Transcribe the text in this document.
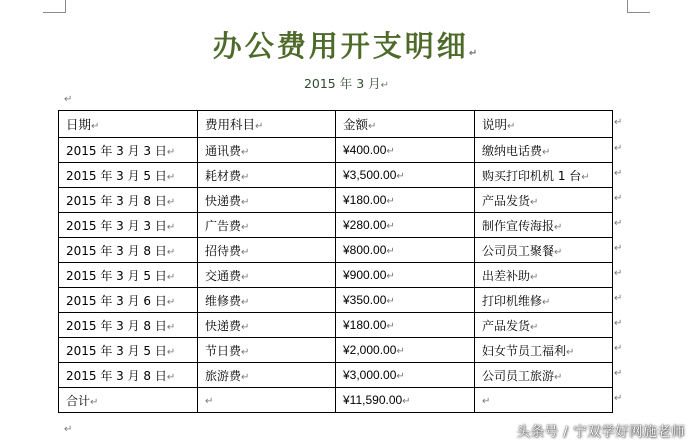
办公费用开支明细↵
2015 年 3 月↵
↵
日期↵	费用科目↵	金额↵	说明↵
2015 年 3 月 3 日↵	通讯费↵	¥400.00↵	缴纳电话费↵
2015 年 3 月 5 日↵	耗材费↵	¥3,500.00↵	购买打印机机 1 台↵
2015 年 3 月 8 日↵	快递费↵	¥180.00↵	产品发货↵
2015 年 3 月 3 日↵	广告费↵	¥280.00↵	制作宣传海报↵
2015 年 3 月 8 日↵	招待费↵	¥800.00↵	公司员工聚餐↵
2015 年 3 月 5 日↵	交通费↵	¥900.00↵	出差补助↵
2015 年 3 月 6 日↵	维修费↵	¥350.00↵	打印机维修↵
2015 年 3 月 8 日↵	快递费↵	¥180.00↵	产品发货↵
2015 年 3 月 5 日↵	节日费↵	¥2,000.00↵	妇女节员工福利↵
2015 年 3 月 8 日↵	旅游费↵	¥3,000.00↵	公司员工旅游↵
合计↵	↵	¥11,590.00↵	↵
↵
↵
↵
↵
↵
↵
↵
↵
↵
↵
↵
↵
↵	头条号 / 宁双学好网施老师
